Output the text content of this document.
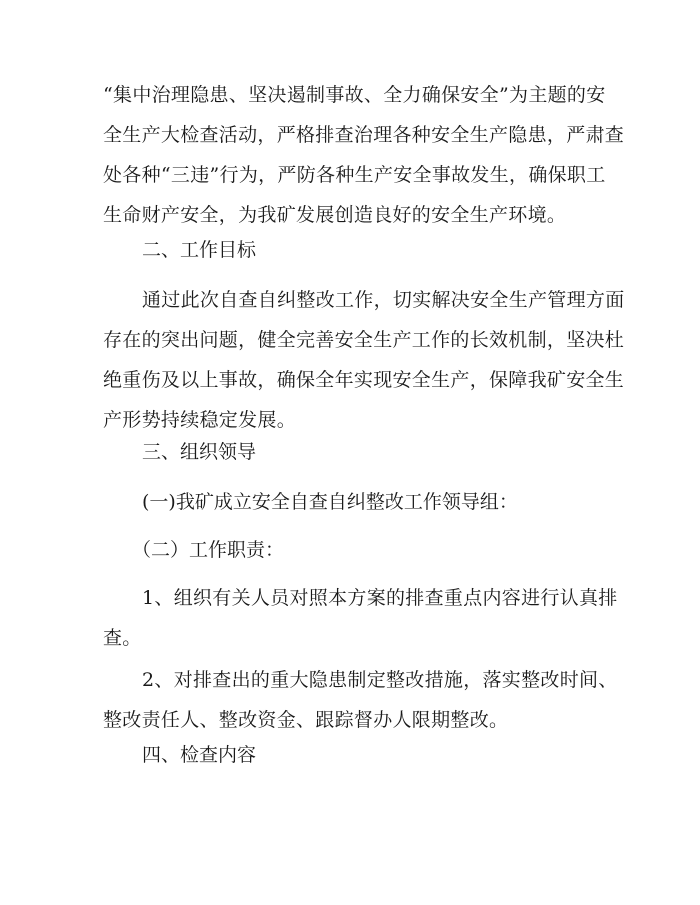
“集中治理隐患、坚决遏制事故、全力确保安全”为主题的安
全生产大检查活动，严格排查治理各种安全生产隐患，严肃查
处各种“三违”行为，严防各种生产安全事故发生，确保职工
生命财产安全，为我矿发展创造良好的安全生产环境。
二、工作目标
通过此次自查自纠整改工作，切实解决安全生产管理方面
存在的突出问题，健全完善安全生产工作的长效机制，坚决杜
绝重伤及以上事故，确保全年实现安全生产，保障我矿安全生
产形势持续稳定发展。
三、组织领导
(一)我矿成立安全自查自纠整改工作领导组：
（二）工作职责：
1、组织有关人员对照本方案的排查重点内容进行认真排
查。
2、对排查出的重大隐患制定整改措施，落实整改时间、
整改责任人、整改资金、跟踪督办人限期整改。
四、检查内容
